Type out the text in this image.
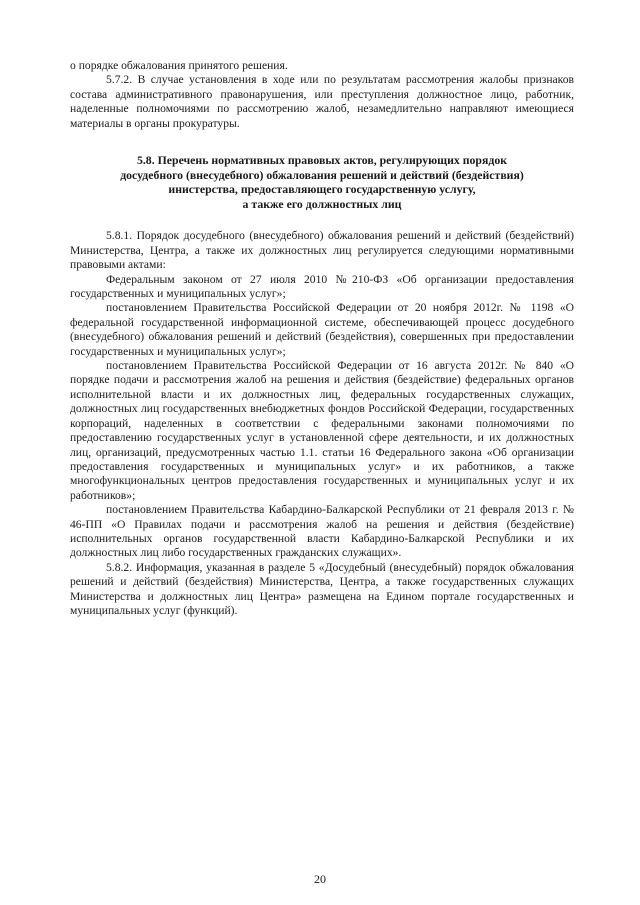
о порядке обжалования принятого решения.

5.7.2. В случае установления в ходе или по результатам рассмотрения жалобы признаков состава административного правонарушения, или преступления должностное лицо, работник, наделенные полномочиями по рассмотрению жалоб, незамедлительно направляют имеющиеся материалы в органы прокуратуры.

5.8. Перечень нормативных правовых актов, регулирующих порядок
досудебного (внесудебного) обжалования решений и действий (бездействия)
инистерства, предоставляющего государственную услугу,
а также его должностных лиц

5.8.1. Порядок досудебного (внесудебного) обжалования решений и действий (бездействий) Министерства, Центра, а также их должностных лиц регулируется следующими нормативными правовыми актами:

Федеральным законом от 27 июля 2010 №210-ФЗ «Об организации предоставления государственных и муниципальных услуг»;

постановлением Правительства Российской Федерации от 20 ноября 2012г. № 1198 «О федеральной государственной информационной системе, обеспечивающей процесс досудебного (внесудебного) обжалования решений и действий (бездействия), совершенных при предоставлении государственных и муниципальных услуг»;

постановлением Правительства Российской Федерации от 16 августа 2012г. № 840 «О порядке подачи и рассмотрения жалоб на решения и действия (бездействие) федеральных органов исполнительной власти и их должностных лиц, федеральных государственных служащих, должностных лиц государственных внебюджетных фондов Российской Федерации, государственных корпораций, наделенных в соответствии с федеральными законами полномочиями по предоставлению государственных услуг в установленной сфере деятельности, и их должностных лиц, организаций, предусмотренных частью 1.1. статьи 16 Федерального закона «Об организации предоставления государственных и муниципальных услуг» и их работников, а также многофункциональных центров предоставления государственных и муниципальных услуг и их работников»;

постановлением Правительства Кабардино-Балкарской Республики от 21 февраля 2013 г. № 46-ПП «О Правилах подачи и рассмотрения жалоб на решения и действия (бездействие) исполнительных органов государственной власти Кабардино-Балкарской Республики и их должностных лиц либо государственных гражданских служащих».

5.8.2. Информация, указанная в разделе 5 «Досудебный (внесудебный) порядок обжалования решений и действий (бездействия) Министерства, Центра, а также государственных служащих Министерства и должностных лиц Центра» размещена на Едином портале государственных и муниципальных услуг (функций).

20
